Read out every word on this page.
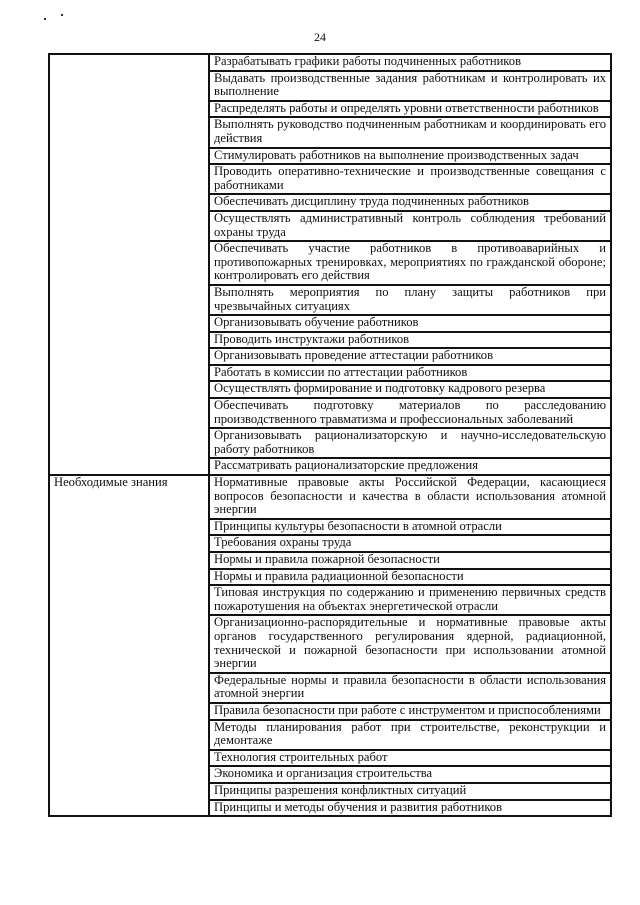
24
	Разрабатывать графики работы подчиненных работников
	Выдавать производственные задания работникам и контролировать их выполнение
	Распределять работы и определять уровни ответственности работников
	Выполнять руководство подчиненным работникам и координировать его действия
	Стимулировать работников на выполнение производственных задач
	Проводить оперативно-технические и производственные совещания с работниками
	Обеспечивать дисциплину труда подчиненных работников
	Осуществлять административный контроль соблюдения требований охраны труда
	Обеспечивать участие работников в противоаварийных и противопожарных тренировках, мероприятиях по гражданской обороне; контролировать его действия
	Выполнять мероприятия по плану защиты работников при чрезвычайных ситуациях
	Организовывать обучение работников
	Проводить инструктажи работников
	Организовывать проведение аттестации работников
	Работать в комиссии по аттестации работников
	Осуществлять формирование и подготовку кадрового резерва
	Обеспечивать подготовку материалов по расследованию производственного травматизма и профессиональных заболеваний
	Организовывать рационализаторскую и научно-исследовательскую работу работников
	Рассматривать рационализаторские предложения
Необходимые знания	Нормативные правовые акты Российской Федерации, касающиеся вопросов безопасности и качества в области использования атомной энергии
	Принципы культуры безопасности в атомной отрасли
	Требования охраны труда
	Нормы и правила пожарной безопасности
	Нормы и правила радиационной безопасности
	Типовая инструкция по содержанию и применению первичных средств пожаротушения на объектах энергетической отрасли
	Организационно-распорядительные и нормативные правовые акты органов государственного регулирования ядерной, радиационной, технической и пожарной безопасности при использовании атомной энергии
	Федеральные нормы и правила безопасности в области использования атомной энергии
	Правила безопасности при работе с инструментом и приспособлениями
	Методы планирования работ при строительстве, реконструкции и демонтаже
	Технология строительных работ
	Экономика и организация строительства
	Принципы разрешения конфликтных ситуаций
	Принципы и методы обучения и развития работников
